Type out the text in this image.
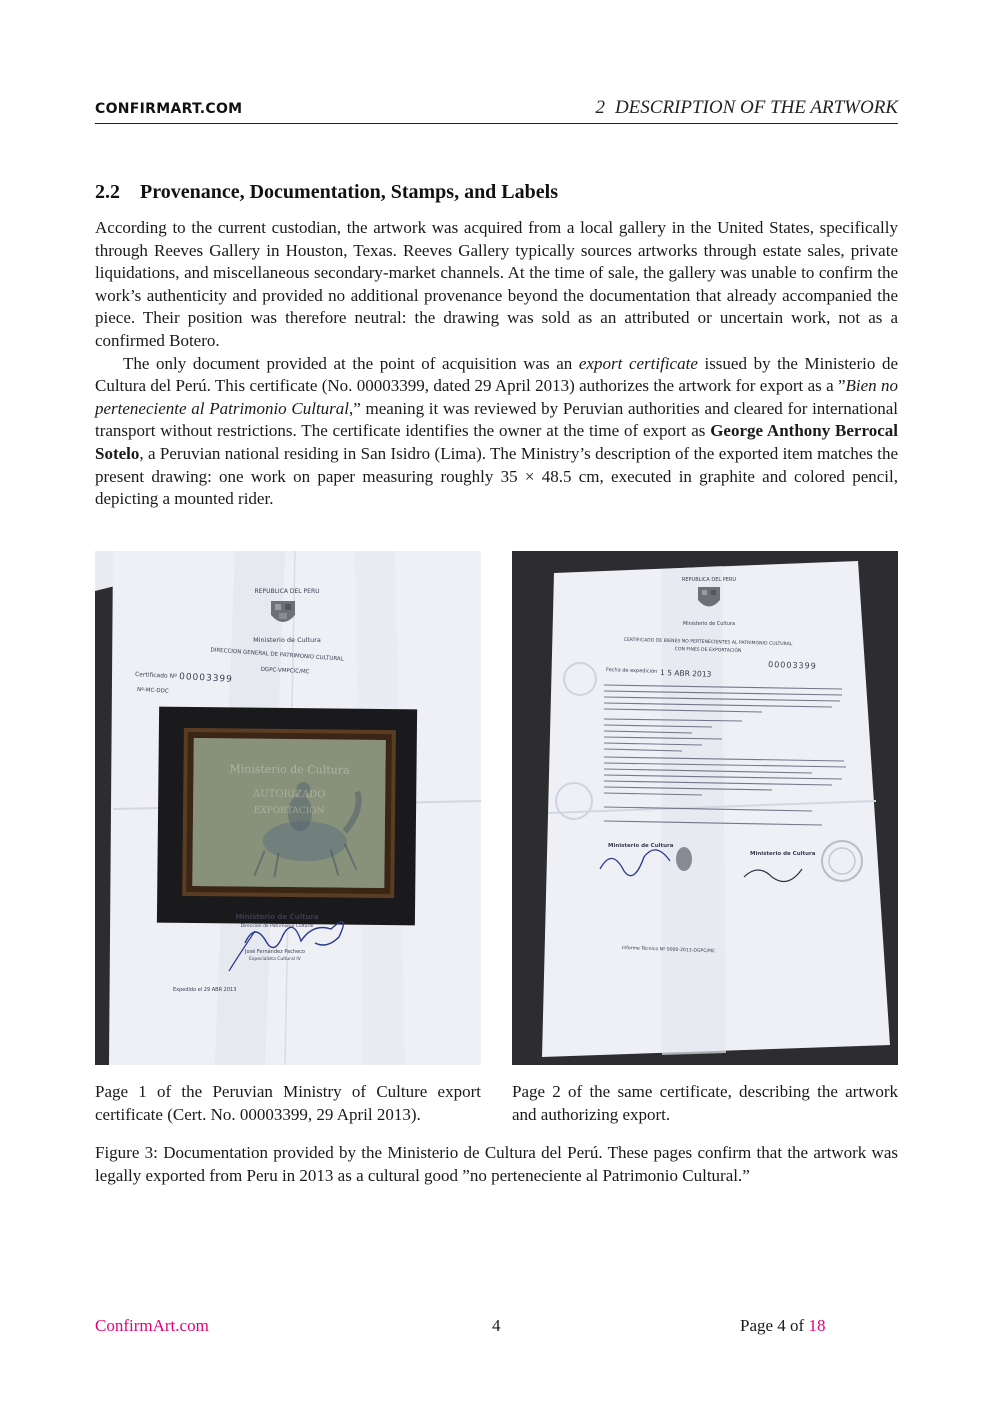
CONFIRMART.COM	2 DESCRIPTION OF THE ARTWORK
2.2 Provenance, Documentation, Stamps, and Labels

According to the current custodian, the artwork was acquired from a local gallery in the United States, specifically through Reeves Gallery in Houston, Texas. Reeves Gallery typically sources artworks through estate sales, private liquidations, and miscellaneous secondary-market channels. At the time of sale, the gallery was unable to confirm the work’s authenticity and provided no additional provenance beyond the documentation that already accompanied the piece. Their position was therefore neutral: the drawing was sold as an attributed or uncertain work, not as a confirmed Botero.

The only document provided at the point of acquisition was an export certificate issued by the Ministerio de Cultura del Perú. This certificate (No. 00003399, dated 29 April 2013) authorizes the artwork for export as a ”Bien no perteneciente al Patrimonio Cultural,” meaning it was reviewed by Peruvian authorities and cleared for international transport without restrictions. The certificate identifies the owner at the time of export as George Anthony Berrocal Sotelo, a Peruvian national residing in San Isidro (Lima). The Ministry’s description of the exported item matches the present drawing: one work on paper measuring roughly 35 × 48.5 cm, executed in graphite and colored pencil, depicting a mounted rider.

REPUBLICA DEL PERU
Ministerio de Cultura
DIRECCION GENERAL DE PATRIMONIO CULTURAL
DGPC-VMPCIC/MC
Certificado Nº 00003399
Nº-MC-DDC
Ministerio de Cultura
AUTORIZADO
EXPORTACION
Ministerio de Cultura
Dirección de Patrimonio Cultural
José Fernández Pacheco
Especialista Cultural IV
Expedido el 29 ABR 2013
REPUBLICA DEL PERU
Ministerio de Cultura
CERTIFICADO DE BIENES NO PERTENECIENTES AL PATRIMONIO CULTURAL
CON FINES DE EXPORTACIÓN
Fecha de expedición 1 5 ABR 2013
00003399
Ministerio de Cultura
Ministerio de Cultura
Informe Técnico Nº 0000-2013-DGPC/MC
Page 1 of the Peruvian Ministry of Culture export certificate (Cert. No. 00003399, 29 April 2013).
Page 2 of the same certificate, describing the artwork and authorizing export.
Figure 3: Documentation provided by the Ministerio de Cultura del Perú. These pages confirm that the artwork was legally exported from Peru in 2013 as a cultural good ”no perteneciente al Patrimonio Cultural.”
ConfirmArt.com	4	Page 4 of 18
